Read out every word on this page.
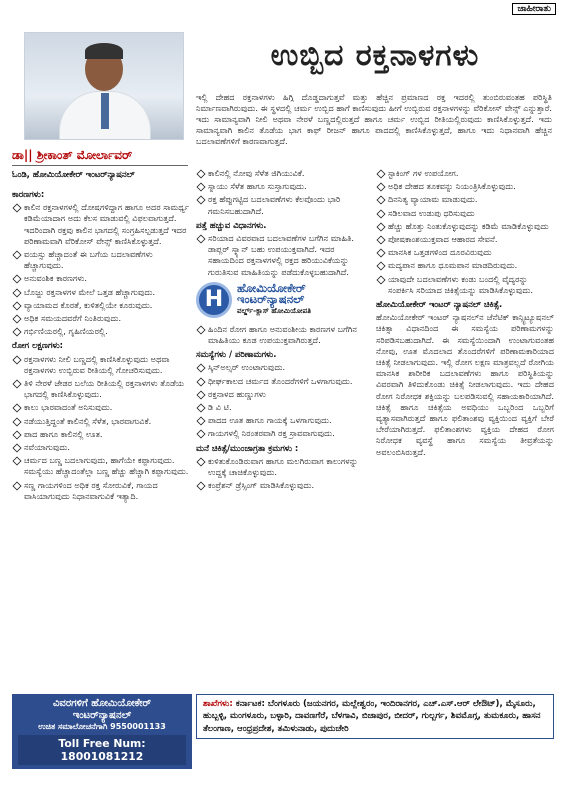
ಜಾಹೀರಾತು
ಉಬ್ಬಿದ ರಕ್ತನಾಳಗಳು
ಇಲ್ಲಿ ದೇಹದ ರಕ್ತನಾಳಗಳು ಹಿಗ್ಗಿ ದೊಡ್ಡದಾಗುತ್ತವೆ ಮತ್ತು ಹೆಚ್ಚಿನ ಪ್ರಮಾಣದ ರಕ್ತ ಇದರಲ್ಲಿ ತುಂಬಿರುವಂತಹ ಪರಿಸ್ಥಿತಿ ನಿರ್ಮಾಣವಾಗಿರುವುದು. ಈ ಸ್ಥಳದಲ್ಲಿ ಚರ್ಮ ಉಬ್ಬಿದ ಹಾಗೆ ಕಾಣಿಸುವುದು ಹೀಗೆ ಉಬ್ಬಿರುವ ರಕ್ತನಾಳಗಳನ್ನು ವೆರಿಕೋಸ್ ವೇನ್ಸ್ ಎನ್ನುತ್ತಾರೆ. ಇದು ಸಾಮಾನ್ಯವಾಗಿ ನೀಲಿ ಅಥವಾ ನೇರಳೆ ಬಣ್ಣದಲ್ಲಿರುತ್ತದೆ ಹಾಗೂ ಚರ್ಮ ಉಬ್ಬಿದ ರೀತಿಯಲ್ಲಿರುವುದು ಕಾಣಿಸಿಕೊಳ್ಳುತ್ತದೆ. ಇದು ಸಾಮಾನ್ಯವಾಗಿ ಕಾಲಿನ ತೊಡೆಯ ಭಾಗ ಕಾಫ್ ರೀಜನ್ ಹಾಗೂ ಪಾದದಲ್ಲಿ ಕಾಣಿಸಿಕೊಳ್ಳುತ್ತದೆ, ಹಾಗೂ ಇದು ನಿಧಾನವಾಗಿ ಹೆಚ್ಚಿನ ಬದಲಾವಣೆಗಳಿಗೆ ಕಾರಣವಾಗುತ್ತದೆ.
ಡಾ|| ಶ್ರೀಕಾಂತ್ ಮೋರ್ಲಾವರ್
ಓಂಡಿ, ಹೋಮಿಯೋಕೇರ್ ಇಂಟರ್‌ನ್ಯಾಷನಲ್
ಕಾರಣಗಳು:
ಕಾಲಿನ ರಕ್ತನಾಳಗಳಲ್ಲಿ ದೋಷಗಳಿದ್ದಾಗ ಹಾಗೂ ಅದರ ಸಾಮರ್ಥ್ಯ ಕಡಿಮೆಯಾದಾಗ ಅದು ಕೆಲಸ ಮಾಡುವಲ್ಲಿ ವಿಫಲವಾಗುತ್ತದೆ. ಇದರಿಂದಾಗಿ ರಕ್ತವು ಕಾಲಿನ ಭಾಗದಲ್ಲಿ ಸಂಗ್ರಹಿಸಲ್ಪಡುತ್ತದೆ ಇದರ ಪರಿಣಾಮವಾಗಿ ವೆರಿಕೋಸ್ ವೇನ್ಸ್ ಕಾಣಿಸಿಕೊಳ್ಳುತ್ತದೆ.
ವಯಸ್ಸು ಹೆಚ್ಚಾದಂತೆ ಈ ಬಗೆಯ ಬದಲಾವಣೆಗಳು ಹೆಚ್ಚಾಗುವುದು.
ಅನುವಂಶಿಕ ಕಾರಣಗಳು.
ಬೊಜ್ಜು ರಕ್ತನಾಳಗಳ ಮೇಲೆ ಒತ್ತಡ ಹೆಚ್ಚಾಗುವುದು.
ವ್ಯಾಯಾಮದ ಕೊರತೆ, ಕುಳಿತಲ್ಲಿಯೇ ಕೂರುವುದು.
ಅಧಿಕ ಸಮಯದವರೆಗೆ ನಿಂತಿರುವುದು.
ಗರ್ಭಿಣಿಯರಲ್ಲಿ, ಗೃಹಿಣಿಯರಲ್ಲಿ.
ರೋಗ ಲಕ್ಷಣಗಳು:
ರಕ್ತನಾಳಗಳು ನೀಲಿ ಬಣ್ಣದಲ್ಲಿ ಕಾಣಿಸಿಕೊಳ್ಳುವುದು ಅಥವಾ ರಕ್ತನಾಳಗಳು ಉಬ್ಬಿರುವ ರೀತಿಯಲ್ಲಿ ಗೋಚರಿಸುವುದು.
ತಿಳಿ ನೇರಳೆ ಜೇಡರ ಬಲೆಯ ರೀತಿಯಲ್ಲಿ ರಕ್ತನಾಳಗಳು ತೊಡೆಯ ಭಾಗದಲ್ಲಿ ಕಾಣಿಸಿಕೊಳ್ಳುವುದು.
ಕಾಲು ಭಾರವಾದಂತೆ ಅನಿಸುವುದು.
ನಡೆಯುತ್ತಿದ್ದಂತೆ ಕಾಲಿನಲ್ಲಿ ಸೆಳೆತ, ಭಾರವಾಗುವಿಕೆ.
ಪಾದ ಹಾಗೂ ಕಾಲಿನಲ್ಲಿ ಊತ.
ನವೆಯಾಗುವುದು.
ಚರ್ಮದ ಬಣ್ಣ ಬದಲಾಗುವುದು, ಹಾಗೆಯೇ ಕಪ್ಪಾಗುವುದು. ಸಮಸ್ಯೆಯು ಹೆಚ್ಚಾದಂತೆಲ್ಲಾ ಬಣ್ಣ ಹೆಚ್ಚು ಹೆಚ್ಚಾಗಿ ಕಪ್ಪಾಗುವುದು.
ಸಣ್ಣ ಗಾಯಗಳಿಂದ ಅಧಿಕ ರಕ್ತ ಸೋರುವಿಕೆ, ಗಾಯದ ವಾಸಿಯಾಗುವುದು ನಿಧಾನವಾಗುವಿಕೆ ಇತ್ಯಾದಿ.
ಕಾಲಿನಲ್ಲಿ ನೋವು ಸೆಳೆತ ಜಿಗಿಯುವಿಕೆ.
ಸ್ನಾಯು ಸೆಳೆತ ಹಾಗೂ ಸುಸ್ತಾಗುವುದು.
ರಕ್ತ ಹೆಪ್ಪುಗಟ್ಟಿದ ಬದಲಾವಣೆಗಳು ಕೆಲವೊಂದು ಭಾರಿ ಗಮನಿಸಬಹುದಾಗಿದೆ.
ಪತ್ತೆ ಹಚ್ಚುವ ವಿಧಾನಗಳು.
ಸರಿಯಾದ ವಿವರವಾದ ಬದಲಾವಣೆಗಳ ಬಗೆಗಿನ ಮಾಹಿತಿ. ಡಾಪ್ಲರ್ ಸ್ಕ್ಯಾನ್ ಬಹು ಉಪಯುಕ್ತವಾಗಿದೆ. ಇದರ ಸಹಾಯದಿಂದ ರಕ್ತನಾಳಗಳಲ್ಲಿ ರಕ್ತದ ಹರಿಯುವಿಕೆಯನ್ನು ಗುರುತಿಸುವ ಮಾಹಿತಿಯನ್ನು ಪಡೆದುಕೊಳ್ಳಬಹುದಾಗಿದೆ.
H	ಹೋಮಿಯೋಕೇರ್
ಇಂಟರ್‌ನ್ಯಾಷನಲ್
ವರ್ಲ್ಡ್-ಕ್ಲಾಸ್ ಹೋಮಿಯೋಪತಿ
ಹಿಂದಿನ ರೋಗ ಹಾಗೂ ಅನುವಂಶೀಯ ಕಾರಣಗಳ ಬಗೆಗಿನ ಮಾಹಿತಿಯು ಕೂಡ ಉಪಯುಕ್ತವಾಗಿರುತ್ತದೆ.
ಸಮಸ್ಯೆಗಳು / ಪರಿಣಾಮಗಳು.
ಸ್ಕಿನ್‌ಅಲ್ಸರ್ ಉಂಟಾಗುವುದು.
ಧೀರ್ಘಕಾಲದ ಚರ್ಮದ ತೊಂದರೆಗಳಿಗೆ ಒಳಗಾಗುವುದು.
ರಕ್ತನಾಳದ ಹುಣ್ಣುಗಳು
ಡಿ ವಿ ಟಿ.
ಪಾದದ ಊತ ಹಾಗೂ ಗಾಯಕ್ಕೆ ಒಳಗಾಗುವುದು.
ಗಾಯಗಳಲ್ಲಿ ನಿರಂತರವಾಗಿ ರಕ್ತ ಸ್ರಾವವಾಗುವುದು.
ಮನೆ ಚಿಕಿತ್ಸೆ/ಮುಂಜಾಗ್ರತಾ ಕ್ರಮಗಳು :
ಕುಳಿತುಕೊಂಡಿರುವಾಗ ಹಾಗೂ ಮಲಗಿರುವಾಗ ಕಾಲುಗಳನ್ನು ಉದ್ದಕ್ಕೆ ಚಾಚಿಕೊಳ್ಳುವುದು.
ಕಂಪ್ರೆಶನ್ ಡ್ರೆಸ್ಸಿಂಗ್ ಮಾಡಿಸಿಕೊಳ್ಳುವುದು.
ಸ್ಟಾಕಿಂಗ್ ಗಳ ಉಪಯೋಗ.
ಅಧಿಕ ದೇಹದ ತೂಕವನ್ನು ನಿಯಂತ್ರಿಸಿಕೊಳ್ಳುವುದು.
ದಿನನಿತ್ಯ ವ್ಯಾಯಾಮ ಮಾಡುವುದು.
ಸಡಿಲವಾದ ಉಡುಪು ಧರಿಸುವುದು
ಹೆಚ್ಚು ಹೊತ್ತು ನಿಂತುಕೊಳ್ಳುವುದನ್ನು ಕಡಿಮೆ ಮಾಡಿಕೊಳ್ಳುವುದು
ಪೋಷಕಾಂಶಯುಕ್ತವಾದ ಆಹಾರದ ಸೇವನೆ.
ಮಾನಸಿಕ ಒತ್ತಡಗಳಿಂದ ದೂರವಿರುವುದು
ಮದ್ಯಪಾನ ಹಾಗೂ ಧೂಮಪಾನ ಮಾಡದಿರುವುದು.
ಯಾವುದೇ ಬದಲಾವಣೆಗಳು ಕಂಡು ಬಂದಲ್ಲಿ ವೈದ್ಯರನ್ನು ಸಂಪರ್ಕಿಸಿ ಸರಿಯಾದ ಚಿಕಿತ್ಸೆಯನ್ನು ಮಾಡಿಸಿಕೊಳ್ಳುವುದು.
ಹೋಮಿಯೋಕೇರ್ ಇಂಟರ್ ನ್ಯಾಷನಲ್ ಚಿಕಿತ್ಸೆ.
ಹೋಮಿಯೋಕೇರ್ ಇಂಟರ್ ನ್ಯಾಷನಲ್‌ನ ಜೆನೆಟಿಕ್ ಕಾನ್ಸ್ಟಿಟ್ಯೂಷನಲ್ ಚಿಕಿತ್ಸಾ ವಿಧಾನದಿಂದ ಈ ಸಮಸ್ಯೆಯ ಪರಿಣಾಮಗಳನ್ನು ಸರಿಪಡಿಸಬಹುದಾಗಿದೆ. ಈ ಸಮಸ್ಯೆಯಿಂದಾಗಿ ಉಂಟಾಗುವಂತಹ ನೋವು, ಊತ ಮೊದಲಾದ ತೊಂದರೆಗಳಿಗೆ ಪರಿಣಾಮಕಾರಿಯಾದ ಚಿಕಿತ್ಸೆ ನೀಡಲಾಗುವುದು. ಇಲ್ಲಿ ರೋಗ ಲಕ್ಷಣ ಮಾತ್ರವಲ್ಲದೆ ರೋಗಿಯ ಮಾನಸಿಕ ಶಾರೀರಿಕ ಬದಲಾವಣೆಗಳು ಹಾಗೂ ಪರಿಸ್ಥಿತಿಯನ್ನು ವಿವರವಾಗಿ ತಿಳಿದುಕೊಂಡು ಚಿಕಿತ್ಸೆ ನೀಡಲಾಗುವುದು. ಇದು ದೇಹದ ರೋಗ ನಿರೋಧಕ ಶಕ್ತಿಯನ್ನು ಬಲಪಡಿಸುವಲ್ಲಿ ಸಹಾಯಕಾರಿಯಾಗಿದೆ. ಚಿಕಿತ್ಸೆ ಹಾಗೂ ಚಿಕಿತ್ಸೆಯ ಅವಧಿಯು ಒಬ್ಬರಿಂದ ಒಬ್ಬರಿಗೆ ವ್ಯತ್ಯಾಸವಾಗಿರುತ್ತದೆ ಹಾಗೂ ಫಲಿತಾಂಶವು ವ್ಯಕ್ತಿಯಿಂದ ವ್ಯಕ್ತಿಗೆ ಬೇರೆ ಬೇರೆಯಾಗಿರುತ್ತದೆ. ಫಲಿತಾಂಶಗಳು ವ್ಯಕ್ತಿಯ ದೇಹದ ರೋಗ ನಿರೋಧಕ ವ್ಯವಸ್ಥೆ ಹಾಗೂ ಸಮಸ್ಯೆಯ ತೀವ್ರತೆಯನ್ನು ಅವಲಂಬಿಸಿರುತ್ತದೆ.
ವಿವರಗಳಿಗೆ ಹೋಮಿಯೋಕೇರ್
ಇಂಟರ್‌ನ್ಯಾಷನಲ್
ಉಚಿತ ಸಮಾಲೋಚನೆಗಾಗಿ 9550001133
Toll Free Num: 18001081212
ಶಾಖೆಗಳು: ಕರ್ನಾಟಕ: ಬೆಂಗಳೂರು (ಜಯನಗರ, ಮಲ್ಲೇಶ್ವರಂ, ಇಂದಿರಾನಗರ, ಎಚ್.ಎಸ್.ಆರ್ ಲೇಔಟ್), ಮೈಸೂರು, ಹುಬ್ಬಳ್ಳಿ, ಮಂಗಳೂರು, ಬಳ್ಳಾರಿ, ದಾವಣಗೆರೆ, ಬೆಳಗಾವಿ, ಬಿಜಾಪುರ, ಬೀದರ್, ಗುಲ್ಬರ್ಗ, ಶಿವಮೊಗ್ಗ, ತುಮಕೂರು, ಹಾಸನ ತೆಲಂಗಾಣ, ಆಂಧ್ರಪ್ರದೇಶ, ತಮಿಳುನಾಡು, ಪುದುಚೇರಿ
